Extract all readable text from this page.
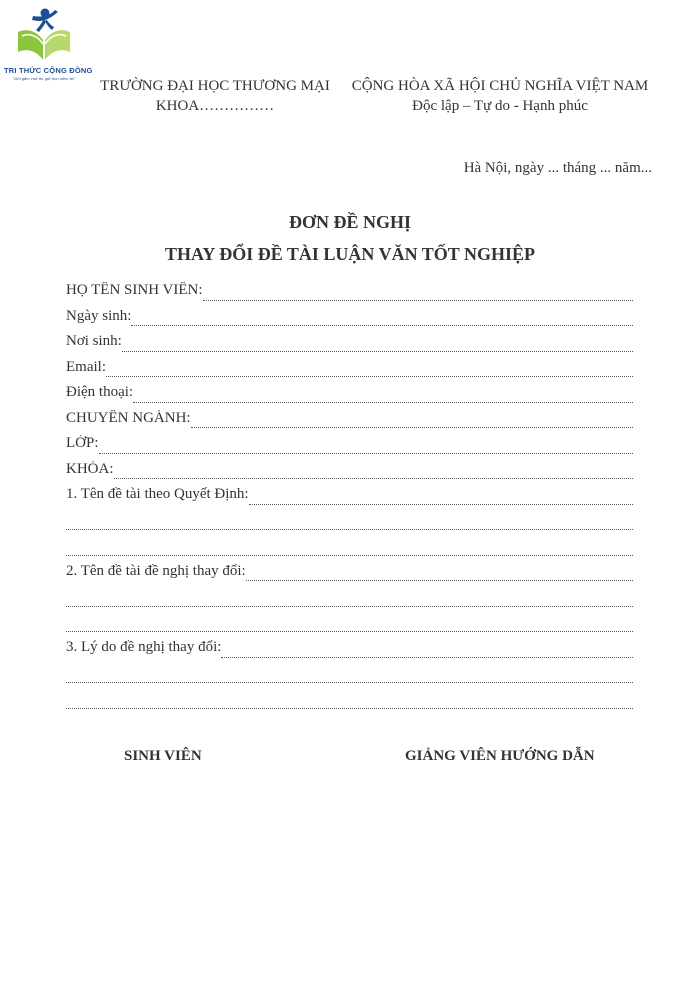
TRI THỨC CỘNG ĐỒNG
"Gửi gắm chữ tin, giữ trọn niềm tin"	TRƯỜNG ĐẠI HỌC THƯƠNG MẠI
KHOA……………
CỘNG HÒA XÃ HỘI CHỦ NGHĨA VIỆT NAM
Độc lập – Tự do - Hạnh phúc
Hà Nội, ngày ... tháng ... năm...
ĐƠN ĐỀ NGHỊ
THAY ĐỔI ĐỀ TÀI LUẬN VĂN TỐT NGHIỆP
HỌ TÊN SINH VIÊN:
Ngày sinh:
Nơi sinh:
Email:
Điện thoại:
CHUYÊN NGÀNH:
LỚP:
KHÓA:
1. Tên đề tài theo Quyết Định:
2. Tên đề tài đề nghị thay đổi:
3. Lý do đề nghị thay đổi:
SINH VIÊN	GIẢNG VIÊN HƯỚNG DẪN
